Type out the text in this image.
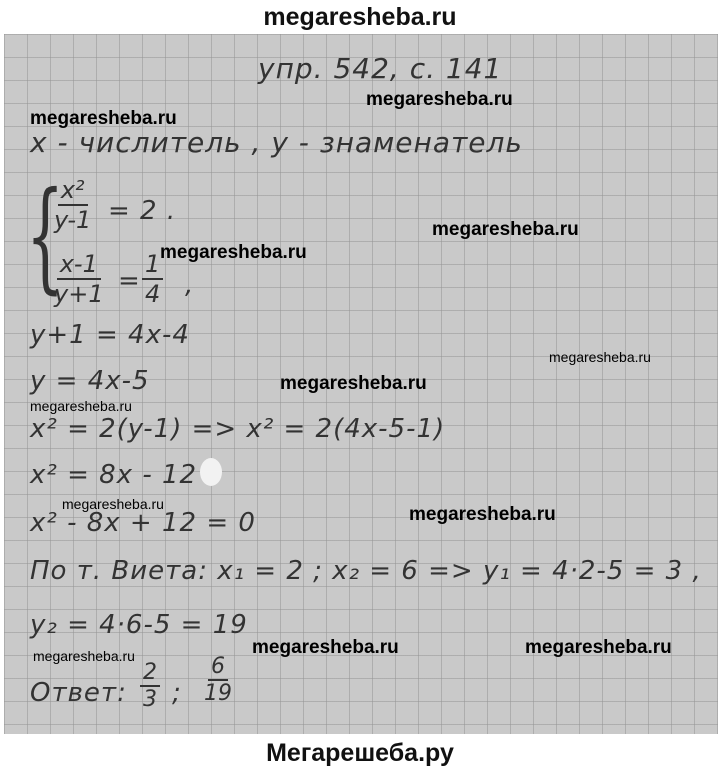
megaresheba.ru
упр. 542, с. 141
x - числитель , y - знаменатель
{
$\frac{\text{x²}}{y-1} = 2$ .
$\frac{x-1}{y+1} = \frac{1}{4}$ ,
y+1 = 4x-4
y = 4x-5
x² = 2(y-1) => x² = 2(4x-5-1)
x² = 8x - 12
x² - 8x + 12 = 0
По т. Виета: x₁ = 2 ; x₂ = 6 => y₁ = 4·2-5 = 3 ,
y₂ = 4·6-5 = 19
Ответ: $\frac{2}{3}$ ; $\frac{6}{19}$
megaresheba.ru
megaresheba.ru
megaresheba.ru
megaresheba.ru
megaresheba.ru
megaresheba.ru
megaresheba.ru
megaresheba.ru	megaresheba.ru
megaresheba.ru	megaresheba.ru
megaresheba.ru
Мегарешеба.ру
